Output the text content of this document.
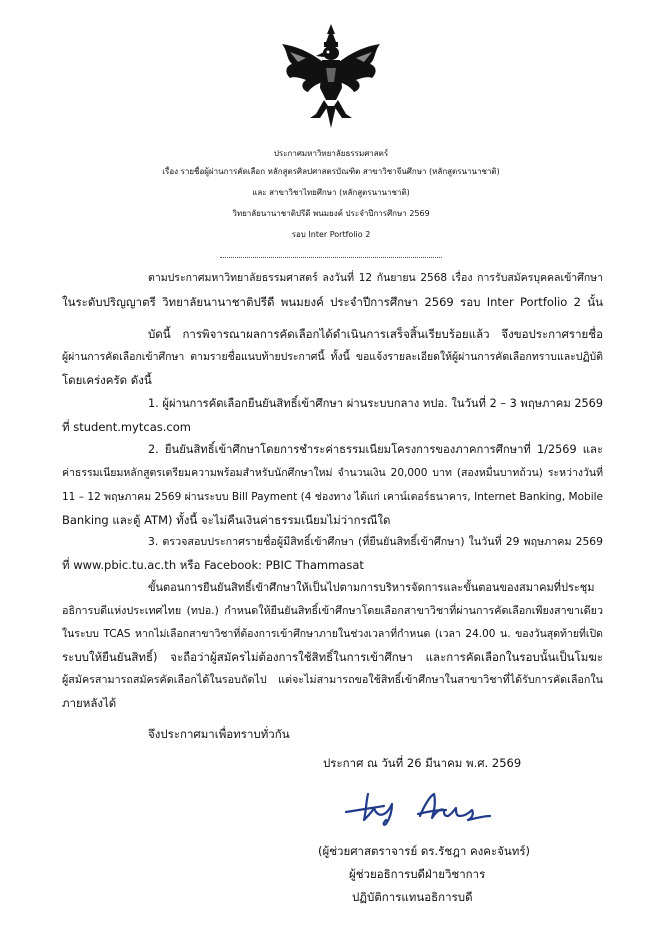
ประกาศมหาวิทยาลัยธรรมศาสตร์
เรื่อง รายชื่อผู้ผ่านการคัดเลือก หลักสูตรศิลปศาสตรบัณฑิต สาขาวิชาจีนศึกษา (หลักสูตรนานาชาติ)
และ สาขาวิชาไทยศึกษา (หลักสูตรนานาชาติ)
วิทยาลัยนานาชาติปรีดี พนมยงค์ ประจำปีการศึกษา 2569
รอบ Inter Portfolio 2
ตามประกาศมหาวิทยาลัยธรรมศาสตร์ ลงวันที่ 12 กันยายน 2568 เรื่อง การรับสมัครบุคคลเข้าศึกษา
ในระดับปริญญาตรี วิทยาลัยนานาชาติปรีดี พนมยงค์ ประจำปีการศึกษา 2569 รอบ Inter Portfolio 2 นั้น
บัดนี้ การพิจารณาผลการคัดเลือกได้ดำเนินการเสร็จสิ้นเรียบร้อยแล้ว จึงขอประกาศรายชื่อ
ผู้ผ่านการคัดเลือกเข้าศึกษา ตามรายชื่อแนบท้ายประกาศนี้ ทั้งนี้ ขอแจ้งรายละเอียดให้ผู้ผ่านการคัดเลือกทราบและปฏิบัติ
โดยเคร่งครัด ดังนี้
1. ผู้ผ่านการคัดเลือกยืนยันสิทธิ์เข้าศึกษา ผ่านระบบกลาง ทปอ. ในวันที่ 2 – 3 พฤษภาคม 2569
ที่ student.mytcas.com
2. ยืนยันสิทธิ์เข้าศึกษาโดยการชำระค่าธรรมเนียมโครงการของภาคการศึกษาที่ 1/2569 และ
ค่าธรรมเนียมหลักสูตรเตรียมความพร้อมสำหรับนักศึกษาใหม่ จำนวนเงิน 20,000 บาท (สองหมื่นบาทถ้วน) ระหว่างวันที่
11 – 12 พฤษภาคม 2569 ผ่านระบบ Bill Payment (4 ช่องทาง ได้แก่ เคาน์เตอร์ธนาคาร, Internet Banking, Mobile
Banking และตู้ ATM) ทั้งนี้ จะไม่คืนเงินค่าธรรมเนียมไม่ว่ากรณีใด
3. ตรวจสอบประกาศรายชื่อผู้มีสิทธิ์เข้าศึกษา (ที่ยืนยันสิทธิ์เข้าศึกษา) ในวันที่ 29 พฤษภาคม 2569
ที่ www.pbic.tu.ac.th หรือ Facebook: PBIC Thammasat
ขั้นตอนการยืนยันสิทธิ์เข้าศึกษาให้เป็นไปตามการบริหารจัดการและขั้นตอนของสมาคมที่ประชุม
อธิการบดีแห่งประเทศไทย (ทปอ.) กำหนดให้ยืนยันสิทธิ์เข้าศึกษาโดยเลือกสาขาวิชาที่ผ่านการคัดเลือกเพียงสาขาเดียว
ในระบบ TCAS หากไม่เลือกสาขาวิชาที่ต้องการเข้าศึกษาภายในช่วงเวลาที่กำหนด (เวลา 24.00 น. ของวันสุดท้ายที่เปิด
ระบบให้ยืนยันสิทธิ์) จะถือว่าผู้สมัครไม่ต้องการใช้สิทธิ์ในการเข้าศึกษา และการคัดเลือกในรอบนั้นเป็นโมฆะ
ผู้สมัครสามารถสมัครคัดเลือกได้ในรอบถัดไป แต่จะไม่สามารถขอใช้สิทธิ์เข้าศึกษาในสาขาวิชาที่ได้รับการคัดเลือกใน
ภายหลังได้
จึงประกาศมาเพื่อทราบทั่วกัน
ประกาศ ณ วันที่ 26 มีนาคม พ.ศ. 2569
(ผู้ช่วยศาสตราจารย์ ดร.รัชฎา คงคะจันทร์)
ผู้ช่วยอธิการบดีฝ่ายวิชาการ
ปฏิบัติการแทนอธิการบดี
